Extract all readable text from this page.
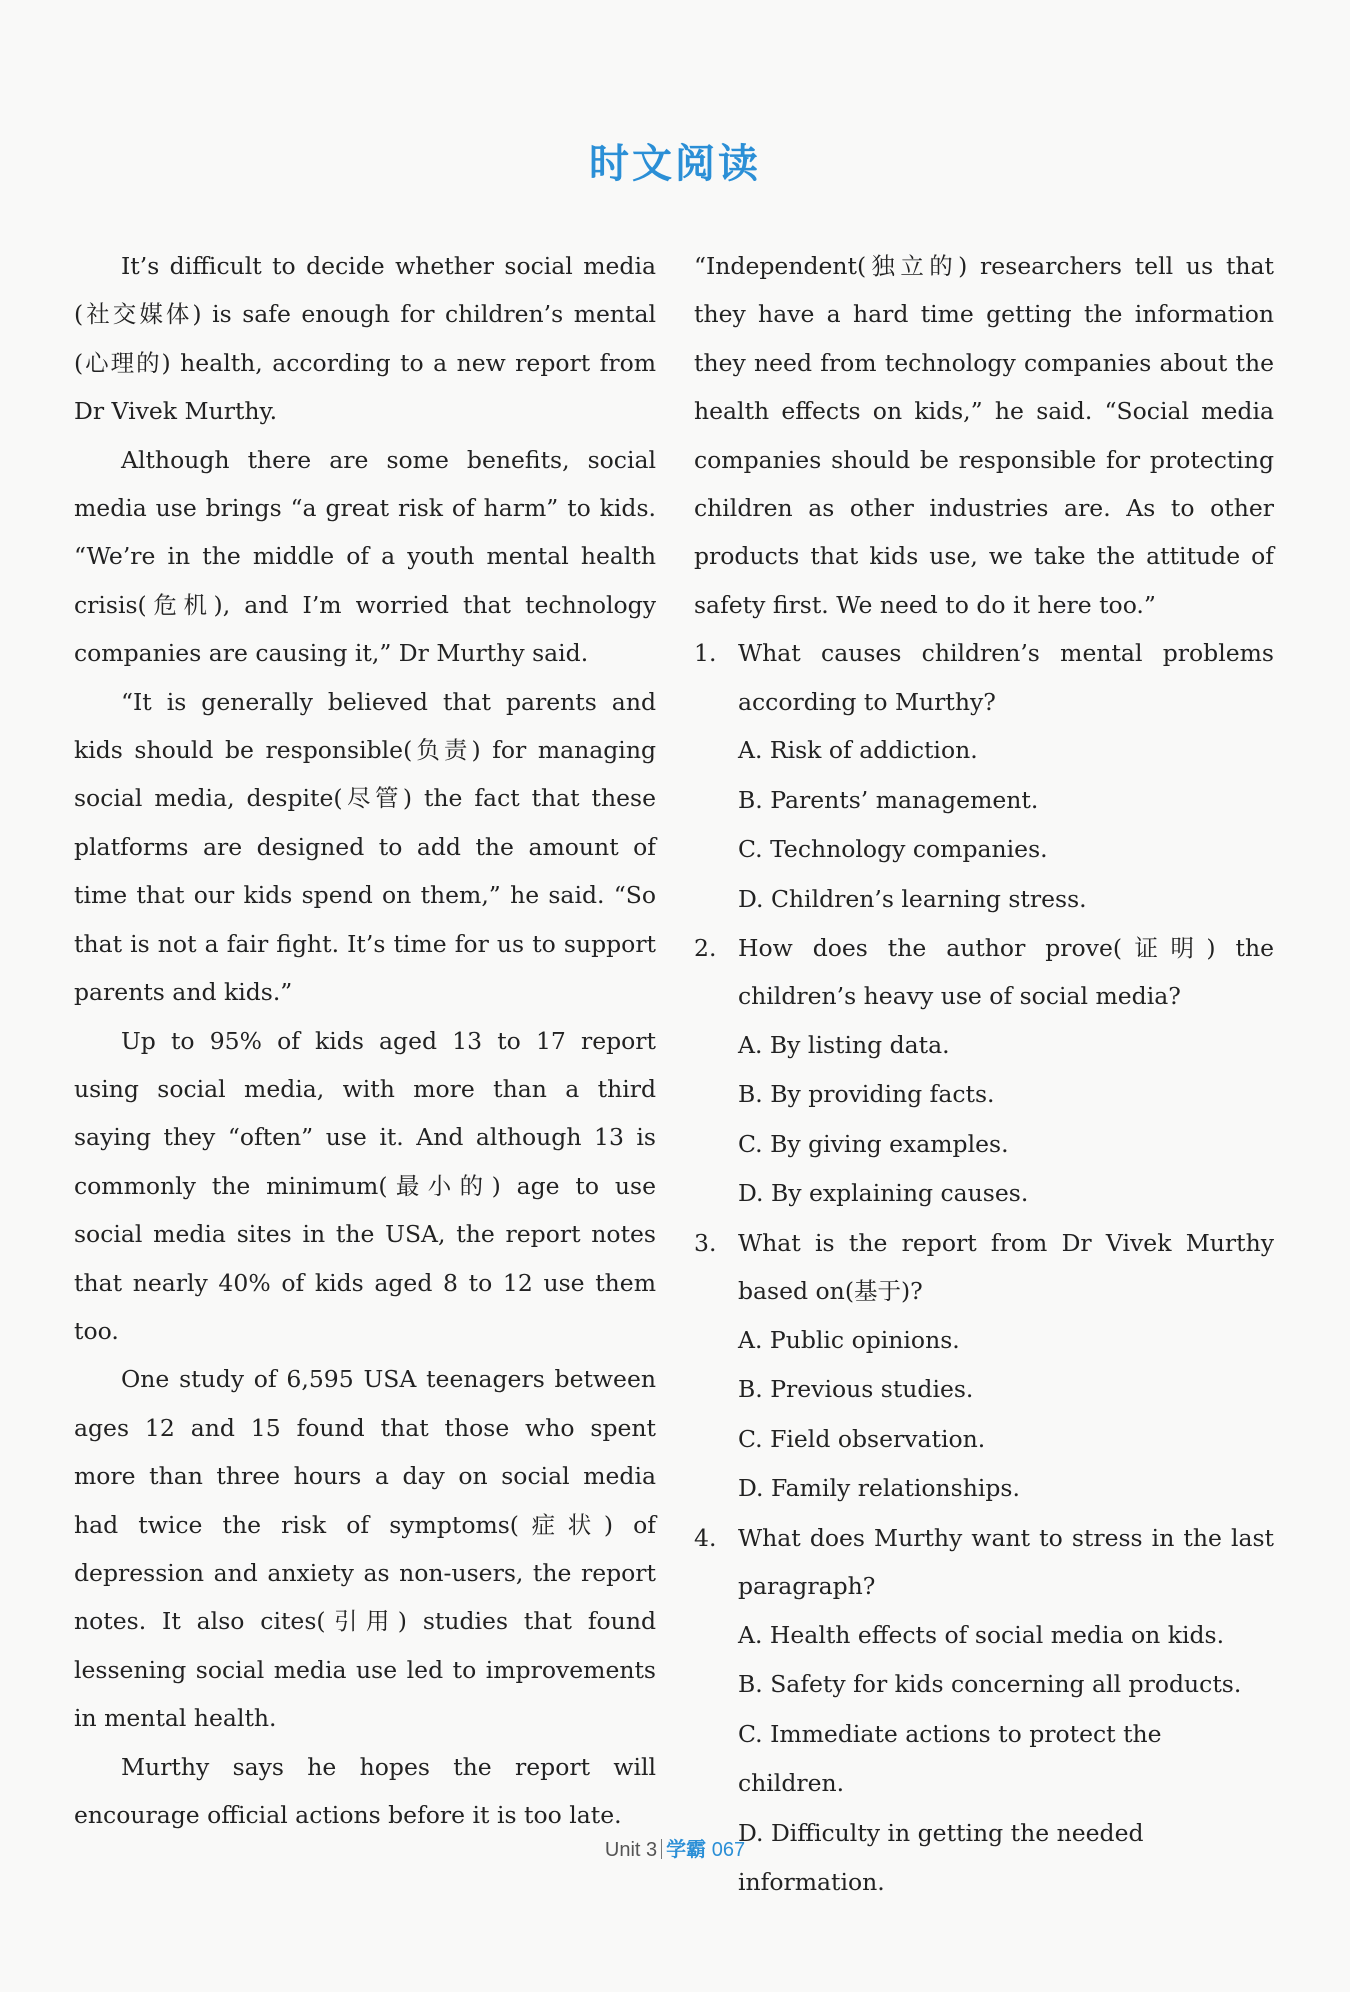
时文阅读

It’s difficult to decide whether social media (社交媒体) is safe enough for children’s mental (心理的) health, according to a new report from Dr Vivek Murthy.

Although there are some benefits, social media use brings “a great risk of harm” to kids. “We’re in the middle of a youth mental health crisis(危机), and I’m worried that technology companies are causing it,” Dr Murthy said.

“It is generally believed that parents and kids should be responsible(负责) for managing social media, despite(尽管) the fact that these platforms are designed to add the amount of time that our kids spend on them,” he said. “So that is not a fair fight. It’s time for us to support parents and kids.”

Up to 95% of kids aged 13 to 17 report using social media, with more than a third saying they “often” use it. And although 13 is commonly the minimum(最小的) age to use social media sites in the USA, the report notes that nearly 40% of kids aged 8 to 12 use them too.

One study of 6,595 USA teenagers between ages 12 and 15 found that those who spent more than three hours a day on social media had twice the risk of symptoms(症状) of depression and anxiety as non-users, the report notes. It also cites(引用) studies that found lessening social media use led to improvements in mental health.

Murthy says he hopes the report will encourage official actions before it is too late.

“Independent(独立的) researchers tell us that they have a hard time getting the information they need from technology companies about the health effects on kids,” he said. “Social media companies should be responsible for protecting children as other industries are. As to other products that kids use, we take the attitude of safety first. We need to do it here too.”

1. What causes children’s mental problems according to Murthy?

A. Risk of addiction.

B. Parents’ management.

C. Technology companies.

D. Children’s learning stress.

2. How does the author prove(证明) the children’s heavy use of social media?

A. By listing data.

B. By providing facts.

C. By giving examples.

D. By explaining causes.

3. What is the report from Dr Vivek Murthy based on(基于)?

A. Public opinions.

B. Previous studies.

C. Field observation.

D. Family relationships.

4. What does Murthy want to stress in the last paragraph?

A. Health effects of social media on kids.

B. Safety for kids concerning all products.

C. Immediate actions to protect the children.

D. Difficulty in getting the needed information.

Unit 3 学霸 067
